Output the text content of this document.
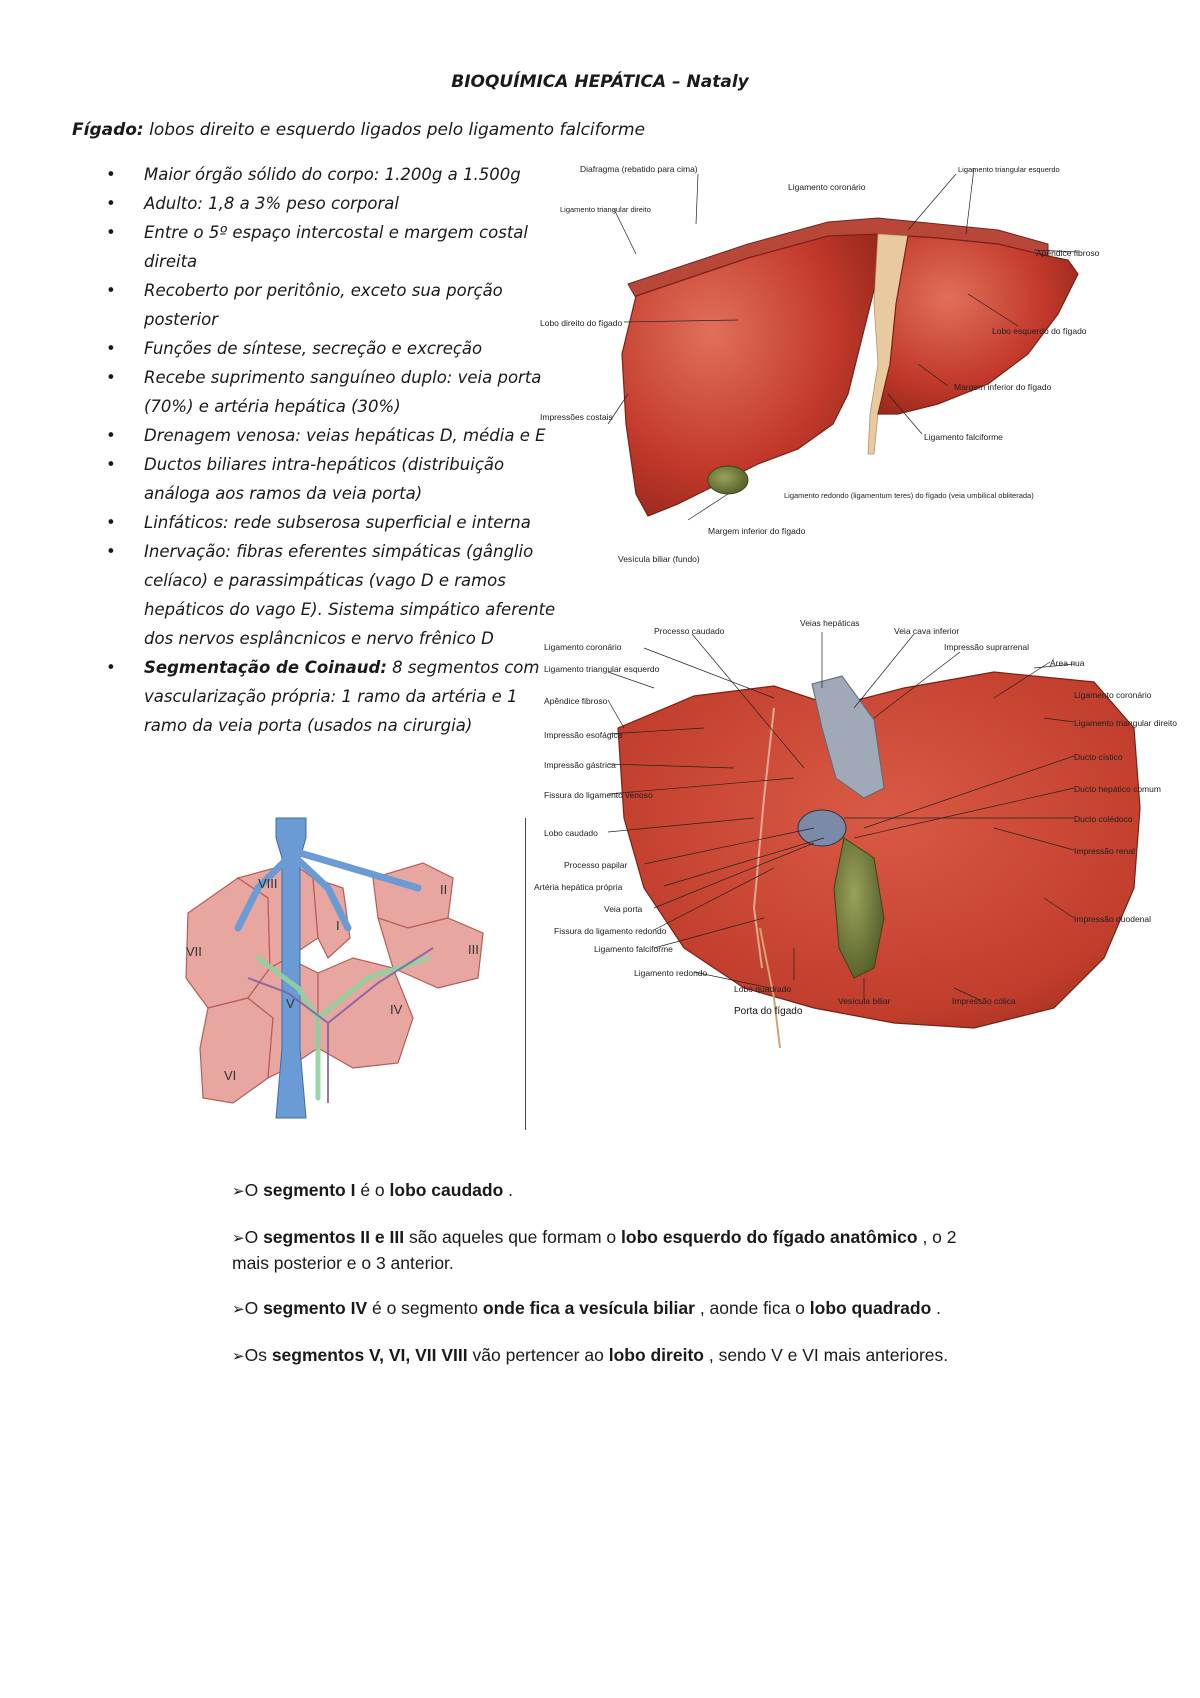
BIOQUÍMICA HEPÁTICA – Nataly
Fígado: lobos direito e esquerdo ligados pelo ligamento falciforme
• Maior órgão sólido do corpo: 1.200g a 1.500g
• Adulto: 1,8 a 3% peso corporal
• Entre o 5º espaço intercostal e margem costal direita
• Recoberto por peritônio, exceto sua porção posterior
• Funções de síntese, secreção e excreção
• Recebe suprimento sanguíneo duplo: veia porta (70%) e artéria hepática (30%)
• Drenagem venosa: veias hepáticas D, média e E
• Ductos biliares intra-hepáticos (distribuição análoga aos ramos da veia porta)
• Linfáticos: rede subserosa superficial e interna
• Inervação: fibras eferentes simpáticas (gânglio celíaco) e parassimpáticas (vago D e ramos hepáticos do vago E). Sistema simpático aferente dos nervos esplâncnicos e nervo frênico D
• Segmentação de Coinaud: 8 segmentos com vascularização própria: 1 ramo da artéria e 1 ramo da veia porta (usados na cirurgia)
Diafragma (rebatido para cima)	Ligamento triangular esquerdo
Ligamento coronário
Ligamento triangular direito
Apêndice fibroso
Lobo direito do fígado
Lobo esquerdo do fígado
Margem inferior do fígado
Impressões costais
Ligamento falciforme
Ligamento redondo (ligamentum teres) do fígado (veia umbilical obliterada)
Margem inferior do fígado
Vesícula biliar (fundo)
VIII	II
I
VII	III
V	IV
VI
Processo caudado
Veias hepáticas
Veia cava inferior
Impressão suprarrenal
Ligamento coronário
Área nua
Ligamento triangular esquerdo
Ligamento coronário
Apêndice fibroso
Ligamento triangular direito
Impressão esofágica
Ducto cístico
Impressão gástrica
Ducto hepático comum
Fissura do ligamento venoso
Ducto colédoco
Lobo caudado
Impressão renal
Processo papilar
Artéria hepática própria
Impressão duodenal
Veia porta
Fissura do ligamento redondo
Ligamento falciforme
Ligamento redondo
Lobo quadrado
Vesícula biliar	Impressão cólica
Porta do fígado

➢O segmento I é o lobo caudado .

➢O segmentos II e III são aqueles que formam o lobo esquerdo do fígado anatômico , o 2 mais posterior e o 3 anterior.

➢O segmento IV é o segmento onde fica a vesícula biliar , aonde fica o lobo quadrado .

➢Os segmentos V, VI, VII VIII vão pertencer ao lobo direito , sendo V e VI mais anteriores.
